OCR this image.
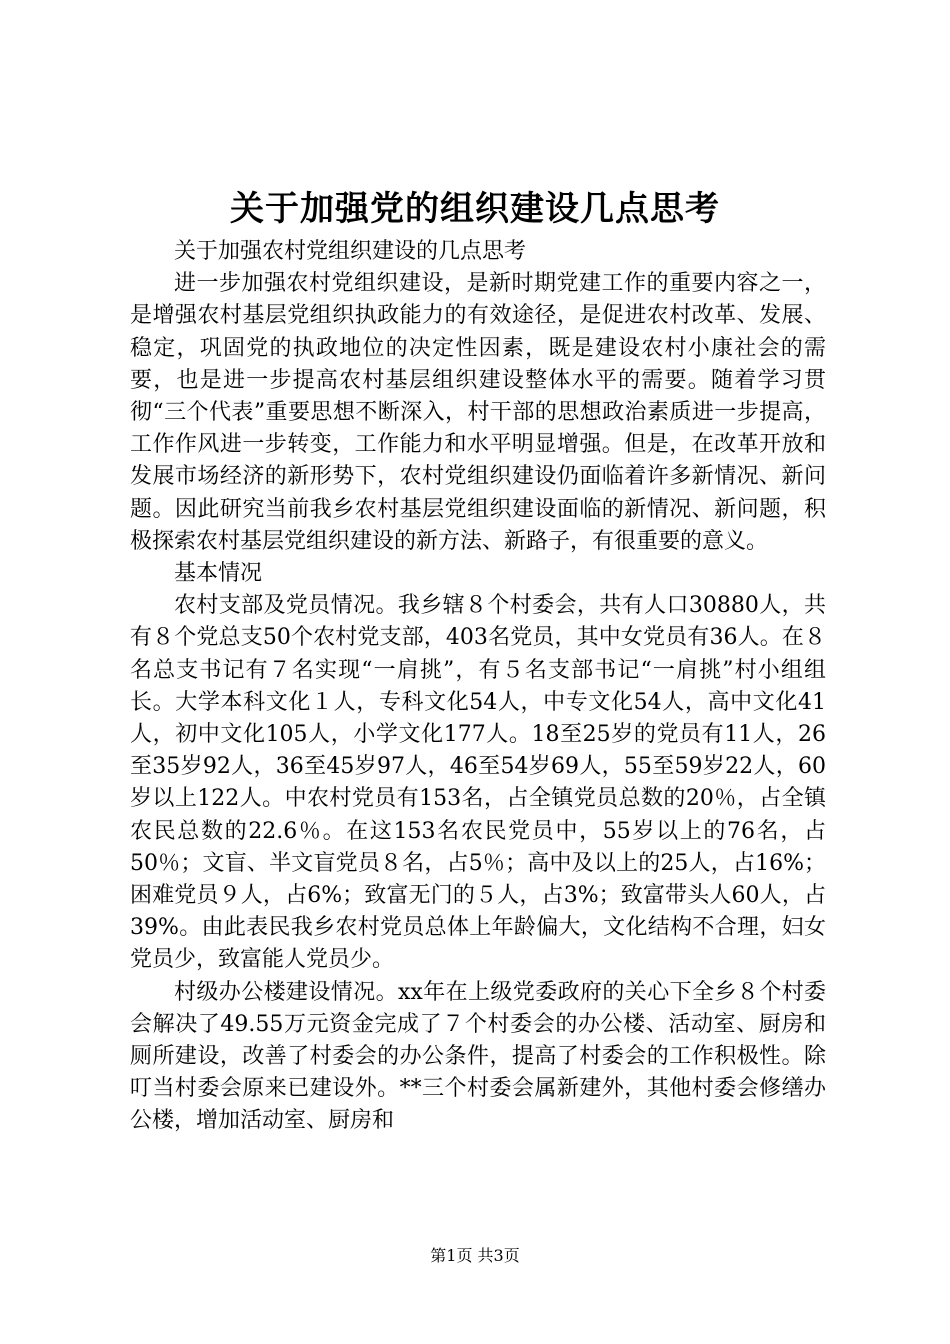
关于加强党的组织建设几点思考

关于加强农村党组织建设的几点思考

进一步加强农村党组织建设，是新时期党建工作的重要内容之一，是增强农村基层党组织执政能力的有效途径，是促进农村改革、发展、稳定，巩固党的执政地位的决定性因素，既是建设农村小康社会的需要，也是进一步提高农村基层组织建设整体水平的需要。随着学习贯彻“三个代表”重要思想不断深入，村干部的思想政治素质进一步提高，工作作风进一步转变，工作能力和水平明显增强。但是，在改革开放和发展市场经济的新形势下，农村党组织建设仍面临着许多新情况、新问题。因此研究当前我乡农村基层党组织建设面临的新情况、新问题，积极探索农村基层党组织建设的新方法、新路子，有很重要的意义。

基本情况

农村支部及党员情况。我乡辖８个村委会，共有人口30880人，共有８个党总支50个农村党支部，403名党员，其中女党员有36人。在８名总支书记有７名实现“一肩挑”，有５名支部书记“一肩挑”村小组组长。大学本科文化１人，专科文化54人，中专文化54人，高中文化41人，初中文化105人，小学文化177人。18至25岁的党员有11人，26至35岁92人，36至45岁97人，46至54岁69人，55至59岁22人，60岁以上122人。中农村党员有153名，占全镇党员总数的20％，占全镇农民总数的22.6％。在这153名农民党员中，55岁以上的76名，占50％；文盲、半文盲党员８名，占5％；高中及以上的25人，占16%；困难党员９人，占6%；致富无门的５人，占3%；致富带头人60人，占39%。由此表民我乡农村党员总体上年龄偏大，文化结构不合理，妇女党员少，致富能人党员少。

村级办公楼建设情况。xx年在上级党委政府的关心下全乡８个村委会解决了49.55万元资金完成了７个村委会的办公楼、活动室、厨房和厕所建设，改善了村委会的办公条件，提高了村委会的工作积极性。除叮当村委会原来已建设外。**三个村委会属新建外，其他村委会修缮办公楼，增加活动室、厨房和

第1页 共3页
